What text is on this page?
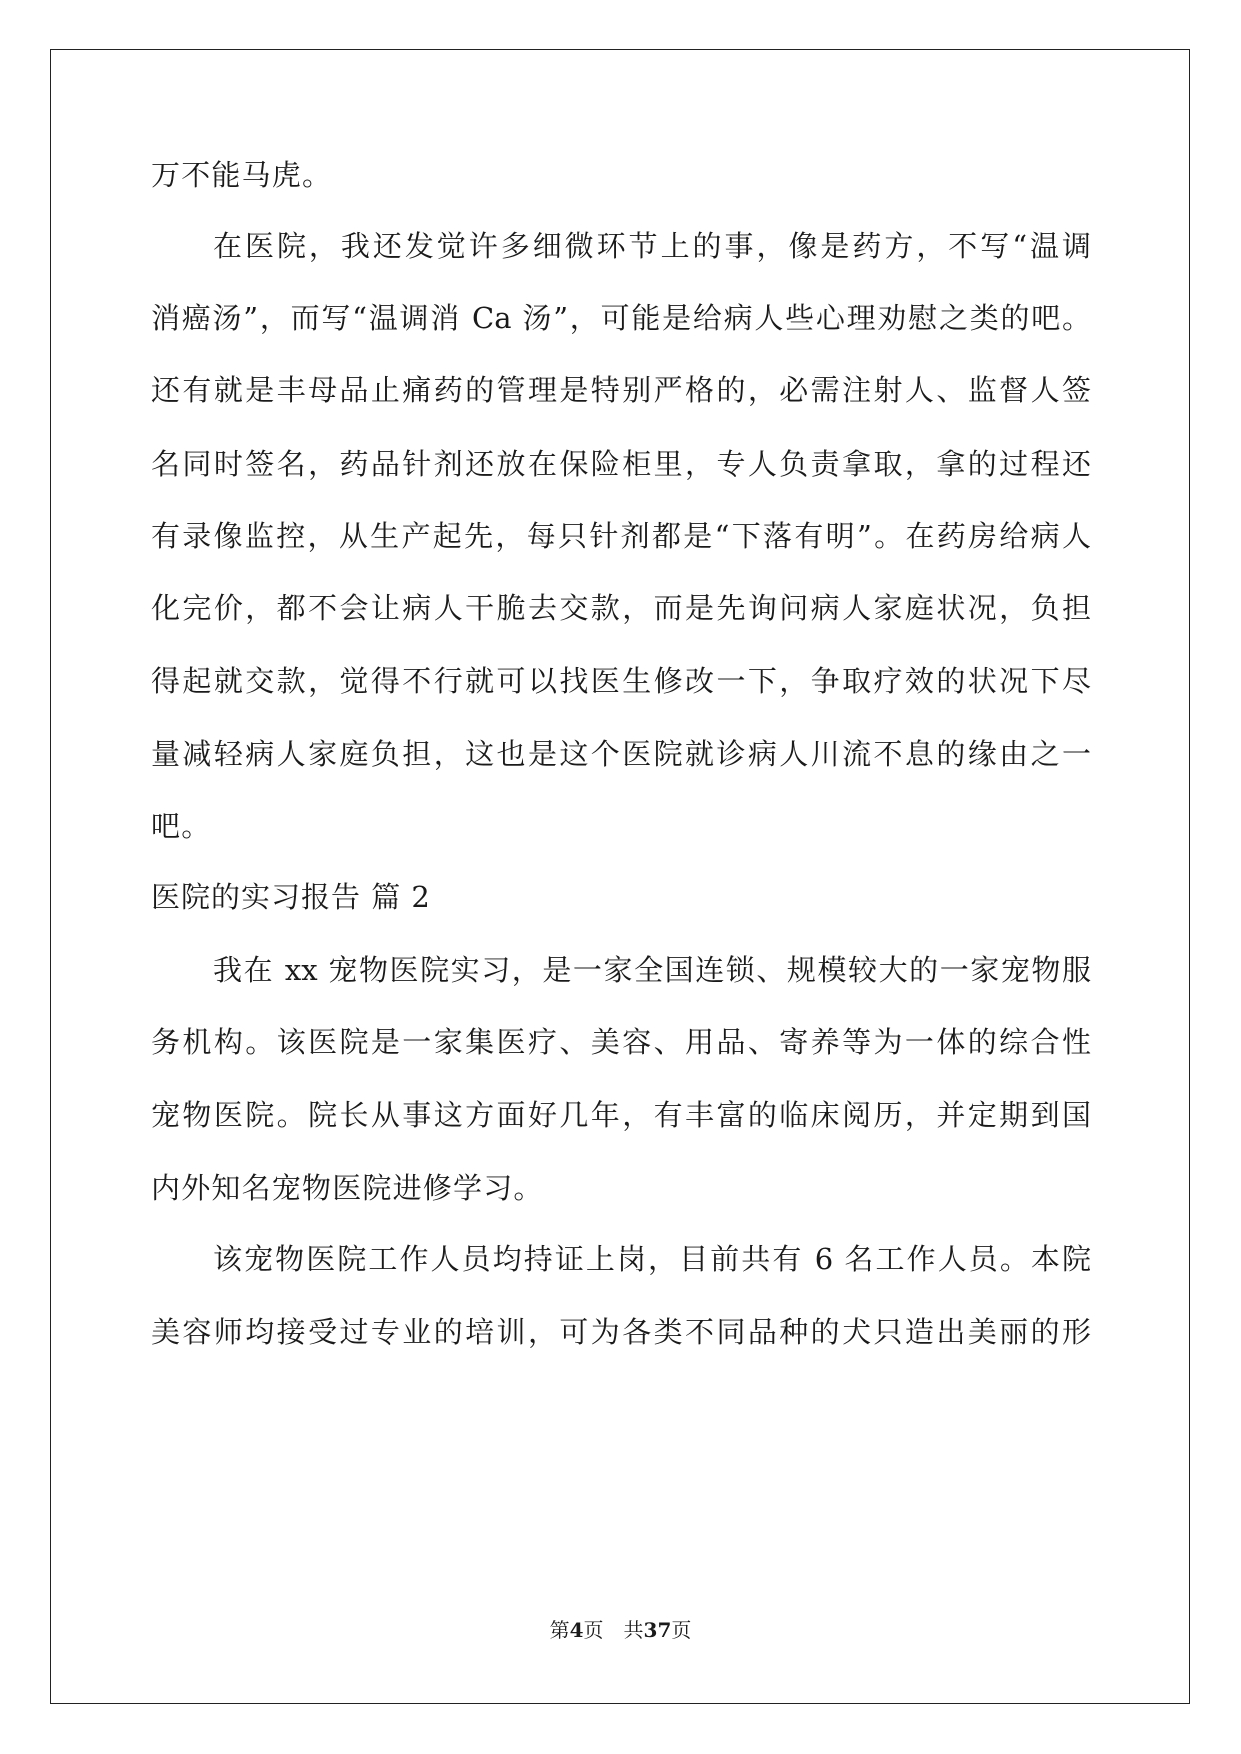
万不能马虎。
在医院，我还发觉许多细微环节上的事，像是药方，不写“温调
消癌汤”，而写“温调消 Ca 汤”，可能是给病人些心理劝慰之类的吧。
还有就是丰母品止痛药的管理是特别严格的，必需注射人、监督人签
名同时签名，药品针剂还放在保险柜里，专人负责拿取，拿的过程还
有录像监控，从生产起先，每只针剂都是“下落有明”。在药房给病人
化完价，都不会让病人干脆去交款，而是先询问病人家庭状况，负担
得起就交款，觉得不行就可以找医生修改一下，争取疗效的状况下尽
量减轻病人家庭负担，这也是这个医院就诊病人川流不息的缘由之一
吧。
医院的实习报告 篇 2
我在 xx 宠物医院实习，是一家全国连锁、规模较大的一家宠物服
务机构。该医院是一家集医疗、美容、用品、寄养等为一体的综合性
宠物医院。院长从事这方面好几年，有丰富的临床阅历，并定期到国
内外知名宠物医院进修学习。
该宠物医院工作人员均持证上岗，目前共有 6 名工作人员。本院
美容师均接受过专业的培训，可为各类不同品种的犬只造出美丽的形
第4页　共37页
